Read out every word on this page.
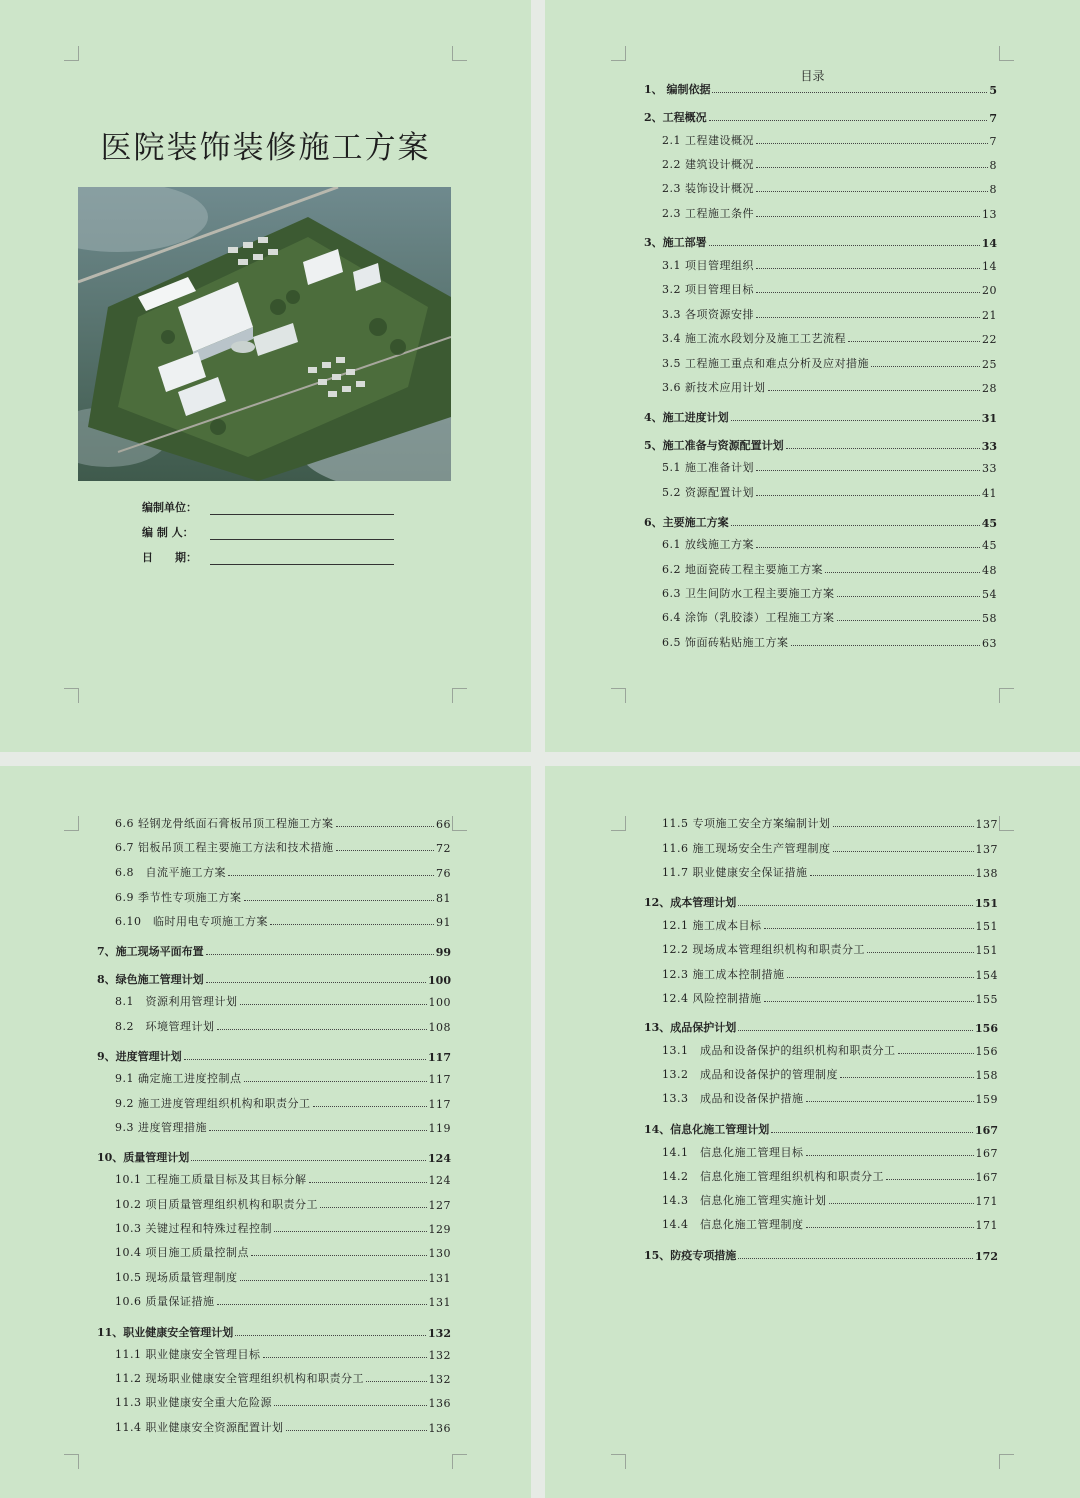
医院装饰装修施工方案
编制单位：
编 制 人：
日　　期：
目录
1、 编制依据	5
2、工程概况	7
2.1 工程建设概况	7
2.2 建筑设计概况	8
2.3 装饰设计概况	8
2.3 工程施工条件	13
3、施工部署	14
3.1 项目管理组织	14
3.2 项目管理目标	20
3.3 各项资源安排	21
3.4 施工流水段划分及施工工艺流程	22
3.5 工程施工重点和难点分析及应对措施	25
3.6 新技术应用计划	28
4、施工进度计划	31
5、施工准备与资源配置计划	33
5.1 施工准备计划	33
5.2 资源配置计划	41
6、主要施工方案	45
6.1 放线施工方案	45
6.2 地面瓷砖工程主要施工方案	48
6.3 卫生间防水工程主要施工方案	54
6.4 涂饰（乳胶漆）工程施工方案	58
6.5 饰面砖粘贴施工方案	63
6.6 轻钢龙骨纸面石膏板吊顶工程施工方案	66
6.7 铝板吊顶工程主要施工方法和技术措施	72
6.8　自流平施工方案	76
6.9 季节性专项施工方案	81
6.10　临时用电专项施工方案	91
7、施工现场平面布置	99
8、绿色施工管理计划	100
8.1　资源利用管理计划	100
8.2　环境管理计划	108
9、进度管理计划	117
9.1 确定施工进度控制点	117
9.2 施工进度管理组织机构和职责分工	117
9.3 进度管理措施	119
10、质量管理计划	124
10.1 工程施工质量目标及其目标分解	124
10.2 项目质量管理组织机构和职责分工	127
10.3 关键过程和特殊过程控制	129
10.4 项目施工质量控制点	130
10.5 现场质量管理制度	131
10.6 质量保证措施	131
11、职业健康安全管理计划	132
11.1 职业健康安全管理目标	132
11.2 现场职业健康安全管理组织机构和职责分工	132
11.3 职业健康安全重大危险源	136
11.4 职业健康安全资源配置计划	136
11.5 专项施工安全方案编制计划	137
11.6 施工现场安全生产管理制度	137
11.7 职业健康安全保证措施	138
12、成本管理计划	151
12.1 施工成本目标	151
12.2 现场成本管理组织机构和职责分工	151
12.3 施工成本控制措施	154
12.4 风险控制措施	155
13、成品保护计划	156
13.1　成品和设备保护的组织机构和职责分工	156
13.2　成品和设备保护的管理制度	158
13.3　成品和设备保护措施	159
14、信息化施工管理计划	167
14.1　信息化施工管理目标	167
14.2　信息化施工管理组织机构和职责分工	167
14.3　信息化施工管理实施计划	171
14.4　信息化施工管理制度	171
15、防疫专项措施	172
